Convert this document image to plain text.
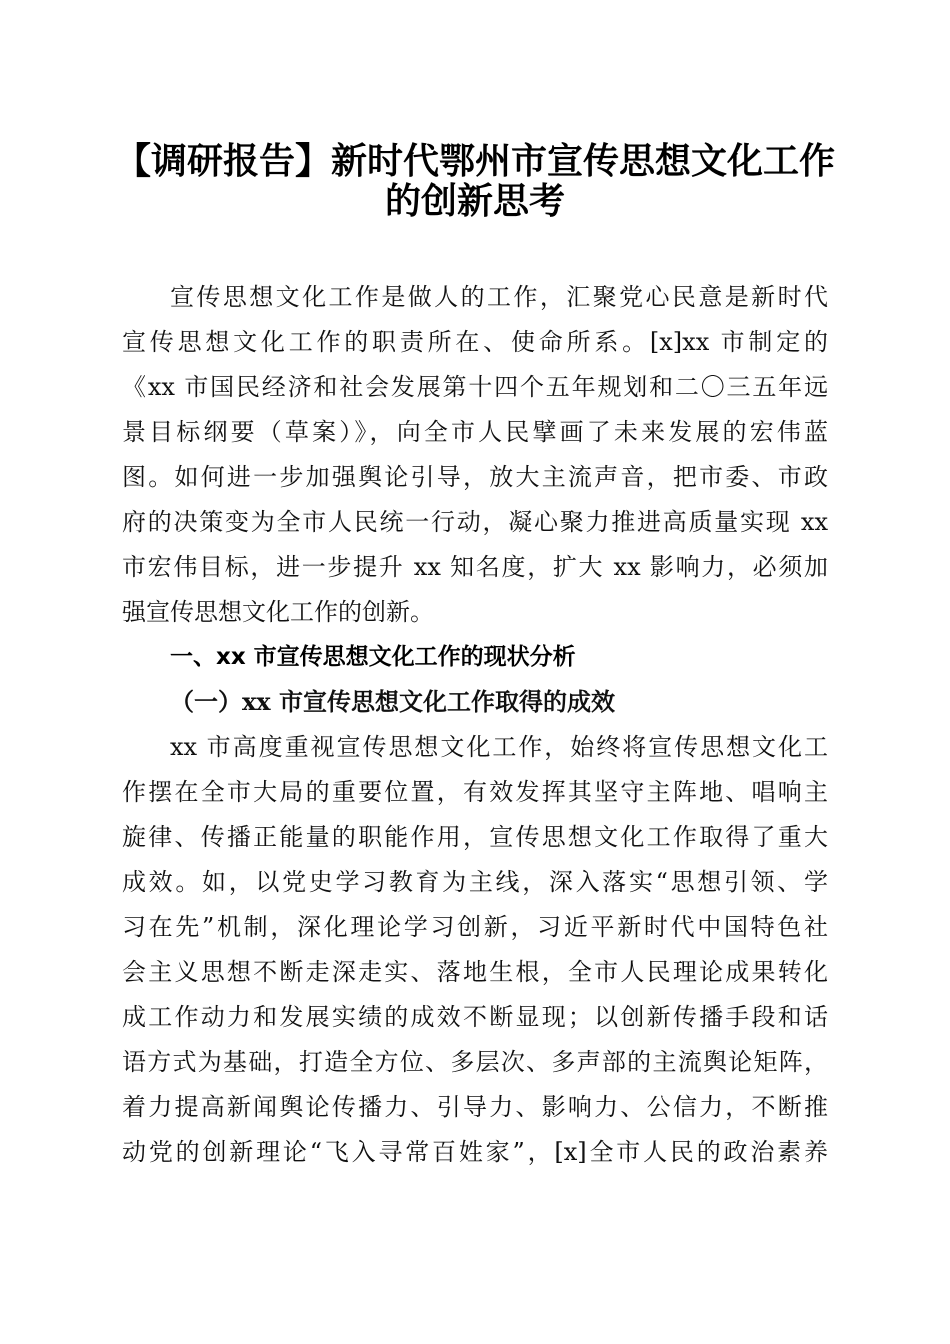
【调研报告】新时代鄂州市宣传思想文化工作
的创新思考
宣传思想文化工作是做人的工作，汇聚党心民意是新时代
宣传思想文化工作的职责所在、使命所系。[x]xx 市制定的
《xx 市国民经济和社会发展第十四个五年规划和二〇三五年远
景目标纲要（草案）》，向全市人民擘画了未来发展的宏伟蓝
图。如何进一步加强舆论引导，放大主流声音，把市委、市政
府的决策变为全市人民统一行动，凝心聚力推进高质量实现 xx
市宏伟目标，进一步提升 xx 知名度，扩大 xx 影响力，必须加
强宣传思想文化工作的创新。
一、xx 市宣传思想文化工作的现状分析
（一）xx 市宣传思想文化工作取得的成效
xx 市高度重视宣传思想文化工作，始终将宣传思想文化工
作摆在全市大局的重要位置，有效发挥其坚守主阵地、唱响主
旋律、传播正能量的职能作用，宣传思想文化工作取得了重大
成效。如，以党史学习教育为主线，深入落实“思想引领、学
习在先”机制，深化理论学习创新，习近平新时代中国特色社
会主义思想不断走深走实、落地生根，全市人民理论成果转化
成工作动力和发展实绩的成效不断显现；以创新传播手段和话
语方式为基础，打造全方位、多层次、多声部的主流舆论矩阵，
着力提高新闻舆论传播力、引导力、影响力、公信力，不断推
动党的创新理论“飞入寻常百姓家”，[x]全市人民的政治素养
